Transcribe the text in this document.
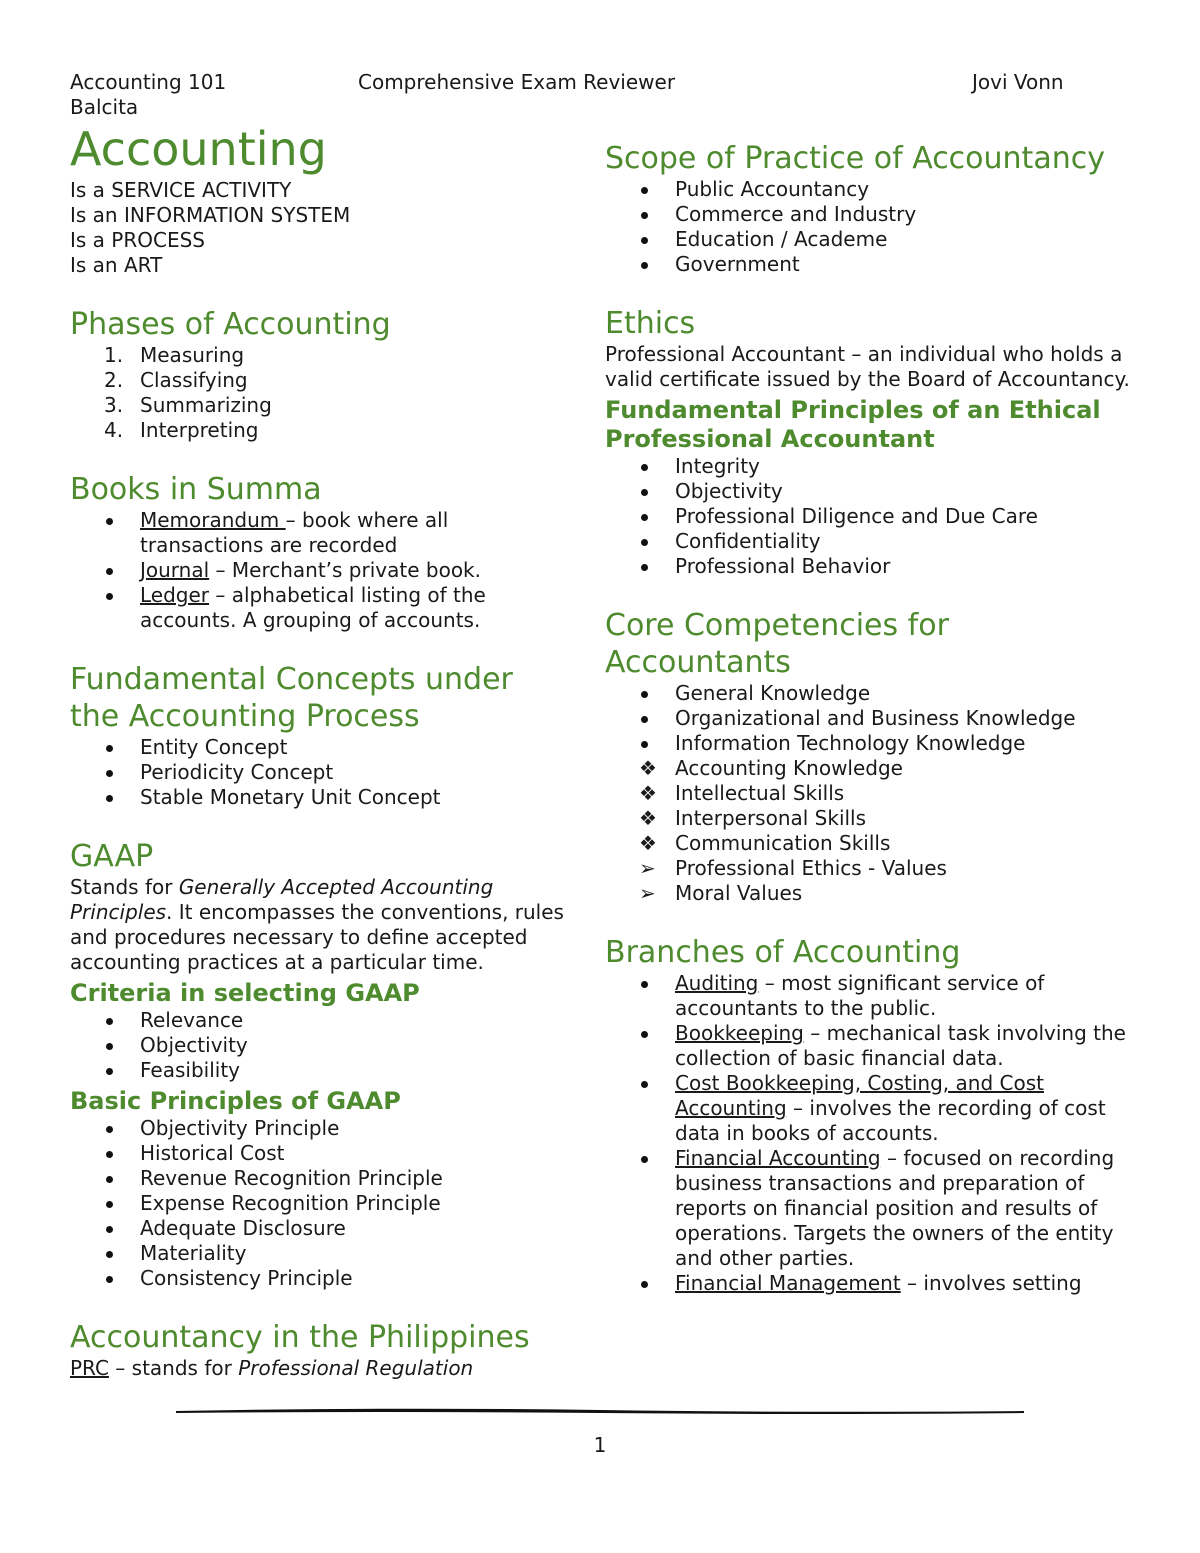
Accounting 101
Balcita
Comprehensive Exam Reviewer	Jovi Vonn
Accounting

Is a SERVICE ACTIVITY

Is an INFORMATION SYSTEM

Is a PROCESS

Is an ART

Phases of Accounting
1. Measuring
2. Classifying
3. Summarizing
4. Interpreting
Books in Summa
Memorandum – book where all transactions are recorded
Journal – Merchant’s private book.
Ledger – alphabetical listing of the accounts. A grouping of accounts.
Fundamental Concepts under the Accounting Process
Entity Concept
Periodicity Concept
Stable Monetary Unit Concept
GAAP

Stands for Generally Accepted Accounting Principles. It encompasses the conventions, rules and procedures necessary to define accepted accounting practices at a particular time.

Criteria in selecting GAAP
Relevance
Objectivity
Feasibility
Basic Principles of GAAP
Objectivity Principle
Historical Cost
Revenue Recognition Principle
Expense Recognition Principle
Adequate Disclosure
Materiality
Consistency Principle
Accountancy in the Philippines

PRC – stands for Professional Regulation

Scope of Practice of Accountancy
Public Accountancy
Commerce and Industry
Education / Academe
Government
Ethics

Professional Accountant – an individual who holds a valid certificate issued by the Board of Accountancy.

Fundamental Principles of an Ethical Professional Accountant
Integrity
Objectivity
Professional Diligence and Due Care
Confidentiality
Professional Behavior
Core Competencies for Accountants
General Knowledge
Organizational and Business Knowledge
Information Technology Knowledge
❖ Accounting Knowledge
❖ Intellectual Skills
❖ Interpersonal Skills
❖ Communication Skills
➢ Professional Ethics - Values
➢ Moral Values
Branches of Accounting
Auditing – most significant service of accountants to the public.
Bookkeeping – mechanical task involving the collection of basic financial data.
Cost Bookkeeping, Costing, and Cost Accounting – involves the recording of cost data in books of accounts.
Financial Accounting – focused on recording business transactions and preparation of reports on financial position and results of operations. Targets the owners of the entity and other parties.
Financial Management – involves setting
1
